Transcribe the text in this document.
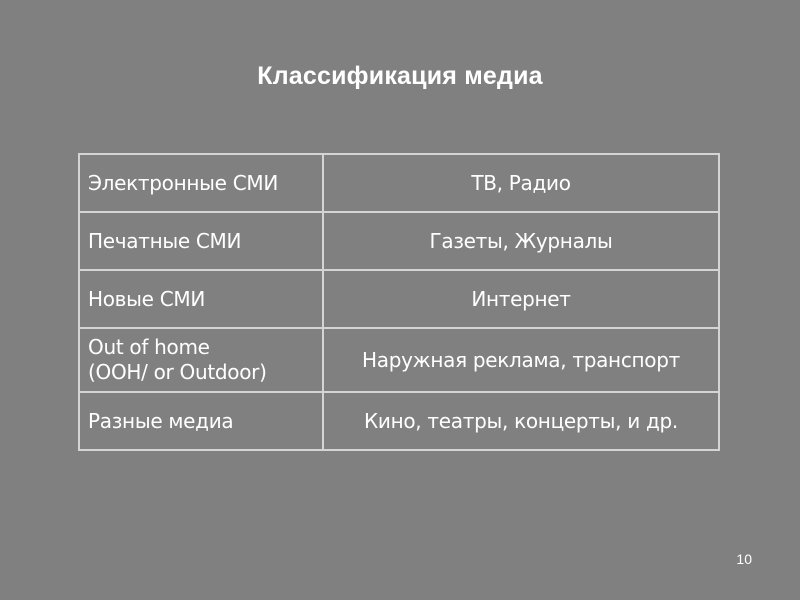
Классификация медиа
Электронные СМИ	ТВ, Радио
Печатные СМИ	Газеты, Журналы
Новые СМИ	Интернет

Out of home
(OOH/ or Outdoor)	Наружная реклама, транспорт
Разные медиа	Кино, театры, концерты, и др.
10
